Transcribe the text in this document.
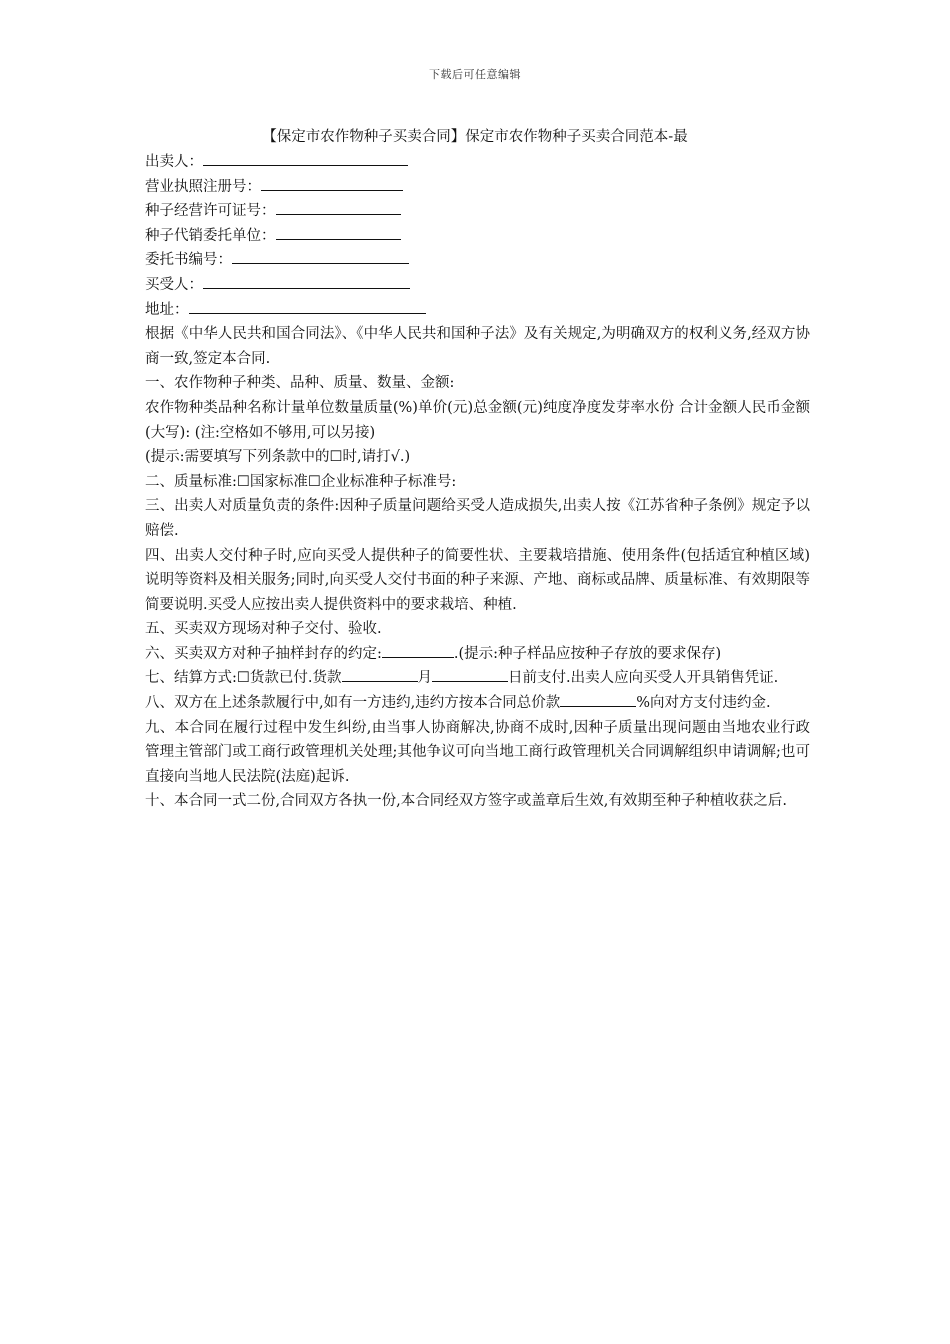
下载后可任意编辑
【保定市农作物种子买卖合同】保定市农作物种子买卖合同范本-最
出卖人：
营业执照注册号：
种子经营许可证号：
种子代销委托单位：
委托书编号：
买受人：
地址：

根据《中华人民共和国合同法》、《中华人民共和国种子法》及有关规定,为明确双方的权利义务,经双方协商一致,签定本合同.

一、农作物种子种类、品种、质量、数量、金额:

农作物种类品种名称计量单位数量质量(%)单价(元)总金额(元)纯度净度发芽率水份 合计金额人民币金额(大写): (注:空格如不够用,可以另接)

(提示:需要填写下列条款中的☐时,请打√.)

二、质量标准:☐国家标准☐企业标准种子标准号:

三、出卖人对质量负责的条件:因种子质量问题给买受人造成损失,出卖人按《江苏省种子条例》规定予以赔偿.

四、出卖人交付种子时,应向买受人提供种子的简要性状、主要栽培措施、使用条件(包括适宜种植区域)说明等资料及相关服务;同时,向买受人交付书面的种子来源、产地、商标或品牌、质量标准、有效期限等简要说明.买受人应按出卖人提供资料中的要求栽培、种植.

五、买卖双方现场对种子交付、验收.

六、买卖双方对种子抽样封存的约定:	.(提示:种子样品应按种子存放的要求保存)

七、结算方式:☐货款已付.货款	月	日前支付.出卖人应向买受人开具销售凭证.

八、双方在上述条款履行中,如有一方违约,违约方按本合同总价款	%向对方支付违约金.

九、本合同在履行过程中发生纠纷,由当事人协商解决,协商不成时,因种子质量出现问题由当地农业行政管理主管部门或工商行政管理机关处理;其他争议可向当地工商行政管理机关合同调解组织申请调解;也可直接向当地人民法院(法庭)起诉.

十、本合同一式二份,合同双方各执一份,本合同经双方签字或盖章后生效,有效期至种子种植收获之后.
